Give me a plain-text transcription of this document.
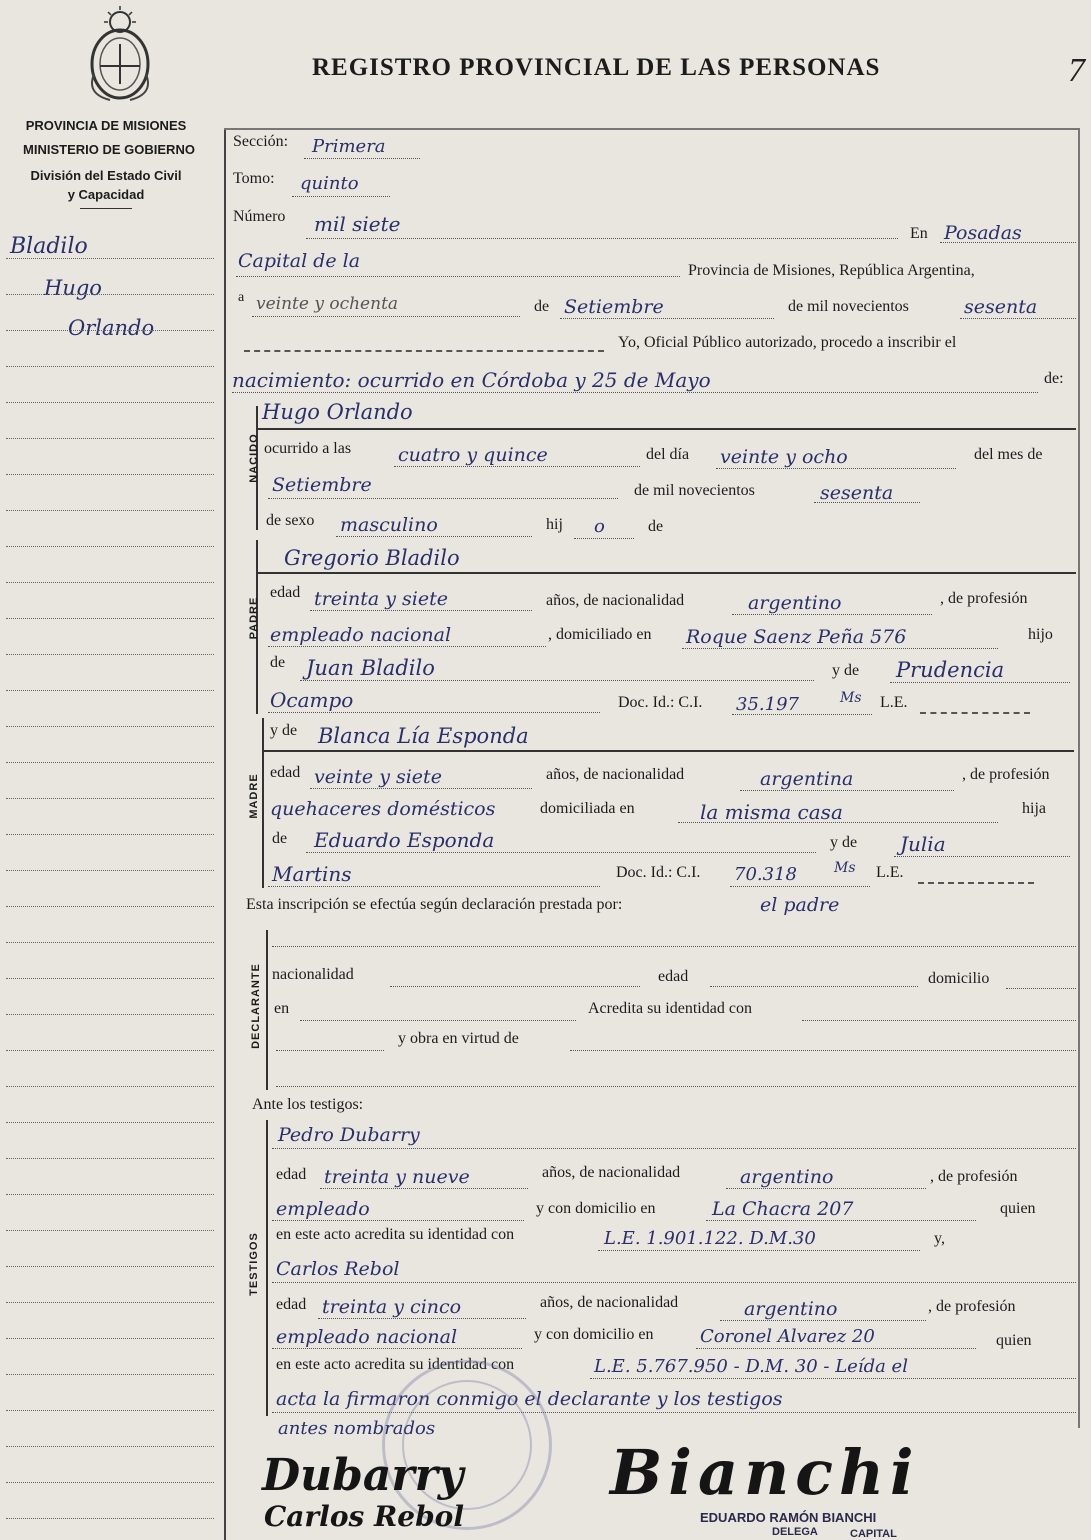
7
PROVINCIA DE MISIONES
MINISTERIO DE GOBIERNO
División del Estado Civil
y Capacidad
REGISTRO PROVINCIAL DE LAS PERSONAS
Bladilo
Hugo
Orlando
Sección: Primera
Tomo: quinto
Número mil siete	En Posadas
Capital de la	Provincia de Misiones, República Argentina,
a veinte y ochenta	de Setiembre	de mil novecientos	sesenta
Yo, Oficial Público autorizado, procedo a inscribir el
nacimiento: ocurrido en Córdoba y 25 de Mayo	de:
NACIDO
Hugo Orlando
ocurrido a las cuatro y quince	del día veinte y ocho	del mes de
Setiembre	de mil novecientos	sesenta
de sexo masculino	hij o	de
PADRE
Gregorio Bladilo
edad treinta y siete	años, de nacionalidad	argentino	, de profesión
empleado nacional	, domiciliado en Roque Saenz Peña 576	hijo
de Juan Bladilo	y de Prudencia
Ocampo	Doc. Id.: C.I. 35.197	Ms L.E.
MADRE
y de Blanca Lía Esponda
edad veinte y siete	años, de nacionalidad	argentina	, de profesión
quehaceres domésticos	domiciliada en	la misma casa	hija
de Eduardo Esponda	y de Julia
Martins	Doc. Id.: C.I. 70.318	Ms L.E.
Esta inscripción se efectúa según declaración prestada por:	el padre
DECLARANTE nacionalidad	edad	domicilio
en	Acredita su identidad con
y obra en virtud de
Ante los testigos:
TESTIGOS
Pedro Dubarry
edad treinta y nueve	años, de nacionalidad	argentino	, de profesión
empleado	y con domicilio en	La Chacra 207	quien
en este acto acredita su identidad con	L.E. 1.901.122. D.M.30	y,
Carlos Rebol
edad treinta y cinco	años, de nacionalidad	argentino	, de profesión
empleado nacional	y con domicilio en	Coronel Alvarez 20	quien
en este acto acredita su identidad con	L.E. 5.767.950 - D.M. 30 - Leída el
acta la firmaron conmigo el declarante y los testigos
antes nombrados
Dubarry
Carlos Rebol
Bianchi
EDUARDO RAMÓN BIANCHI
DELEGA	CAPITAL
